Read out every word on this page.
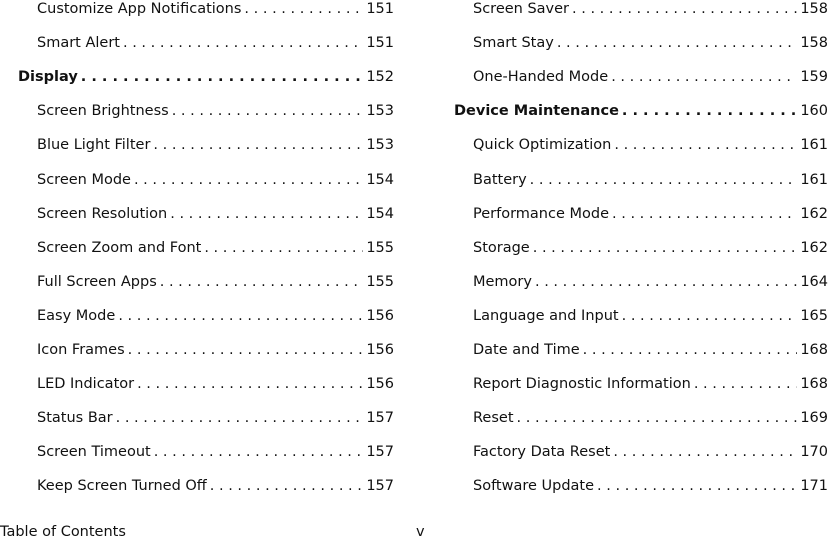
Customize App Notifications . . .	151
Smart Alert . . .	151
Display . . .	152
Screen Brightness . . .	153
Blue Light Filter . . .	153
Screen Mode . . .	154
Screen Resolution . . .	154
Screen Zoom and Font . . .	155
Full Screen Apps . . .	155
Easy Mode . . .	156
Icon Frames . . .	156
LED Indicator . . .	156
Status Bar . . .	157
Screen Timeout . . .	157
Keep Screen Turned Off . . .	157
Screen Saver . . .	158
Smart Stay . . .	158
One-Handed Mode . . .	159
Device Maintenance . . .	160
Quick Optimization . . .	161
Battery . . .	161
Performance Mode . . .	162
Storage . . .	162
Memory . . .	164
Language and Input . . .	165
Date and Time . . .	168
Report Diagnostic Information . . .	168
Reset . . .	169
Factory Data Reset . . .	170
Software Update . . .	171
Table of Contents	v
